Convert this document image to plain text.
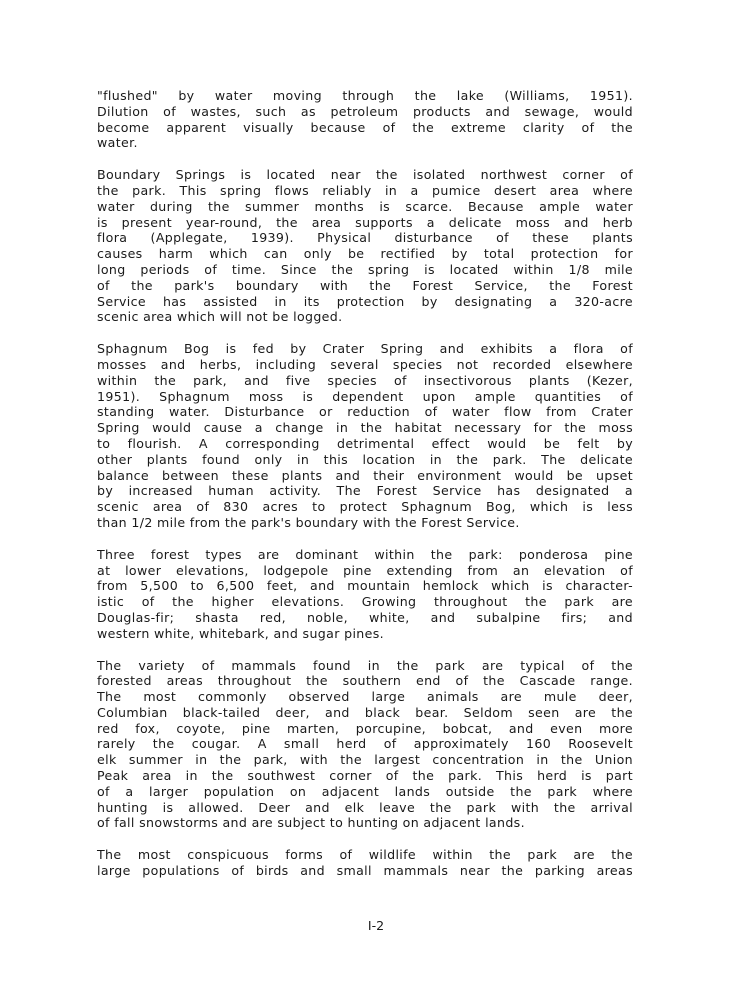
"flushed" by water moving through the lake (Williams, 1951).
Dilution of wastes, such as petroleum products and sewage, would
become apparent visually because of the extreme clarity of the
water.
Boundary Springs is located near the isolated northwest corner of
the park. This spring flows reliably in a pumice desert area where
water during the summer months is scarce. Because ample water
is present year-round, the area supports a delicate moss and herb
flora (Applegate, 1939). Physical disturbance of these plants
causes harm which can only be rectified by total protection for
long periods of time. Since the spring is located within 1/8 mile
of the park's boundary with the Forest Service, the Forest
Service has assisted in its protection by designating a 320-acre
scenic area which will not be logged.
Sphagnum Bog is fed by Crater Spring and exhibits a flora of
mosses and herbs, including several species not recorded elsewhere
within the park, and five species of insectivorous plants (Kezer,
1951). Sphagnum moss is dependent upon ample quantities of
standing water. Disturbance or reduction of water flow from Crater
Spring would cause a change in the habitat necessary for the moss
to flourish. A corresponding detrimental effect would be felt by
other plants found only in this location in the park. The delicate
balance between these plants and their environment would be upset
by increased human activity. The Forest Service has designated a
scenic area of 830 acres to protect Sphagnum Bog, which is less
than 1/2 mile from the park's boundary with the Forest Service.
Three forest types are dominant within the park: ponderosa pine
at lower elevations, lodgepole pine extending from an elevation of
from 5,500 to 6,500 feet, and mountain hemlock which is character-
istic of the higher elevations. Growing throughout the park are
Douglas-fir; shasta red, noble, white, and subalpine firs; and
western white, whitebark, and sugar pines.
The variety of mammals found in the park are typical of the
forested areas throughout the southern end of the Cascade range.
The most commonly observed large animals are mule deer,
Columbian black-tailed deer, and black bear. Seldom seen are the
red fox, coyote, pine marten, porcupine, bobcat, and even more
rarely the cougar. A small herd of approximately 160 Roosevelt
elk summer in the park, with the largest concentration in the Union
Peak area in the southwest corner of the park. This herd is part
of a larger population on adjacent lands outside the park where
hunting is allowed. Deer and elk leave the park with the arrival
of fall snowstorms and are subject to hunting on adjacent lands.
The most conspicuous forms of wildlife within the park are the
large populations of birds and small mammals near the parking areas
I-2
